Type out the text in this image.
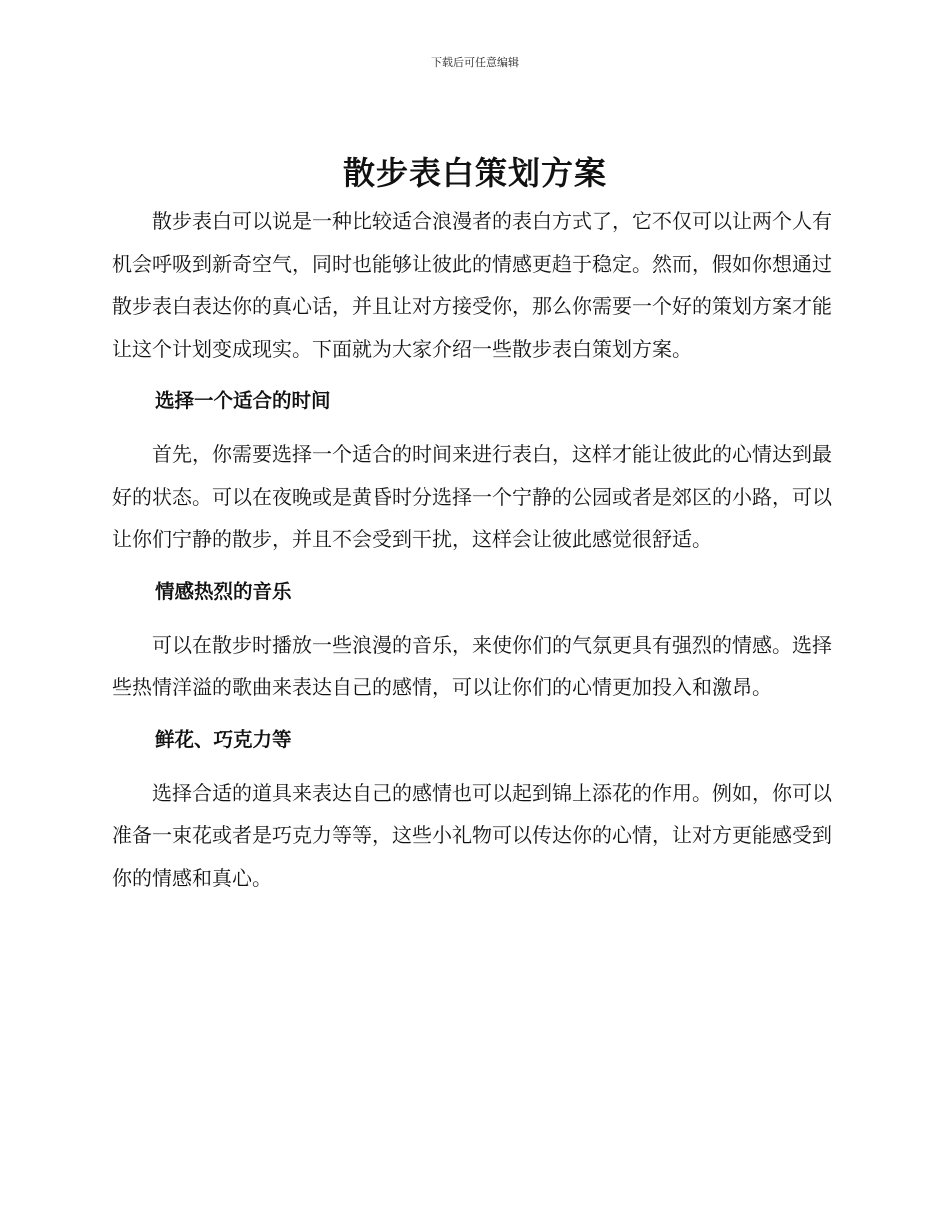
下载后可任意编辑
散步表白策划方案

散步表白可以说是一种比较适合浪漫者的表白方式了，它不仅可以让两个人有机会呼吸到新奇空气，同时也能够让彼此的情感更趋于稳定。然而，假如你想通过散步表白表达你的真心话，并且让对方接受你，那么你需要一个好的策划方案才能让这个计划变成现实。下面就为大家介绍一些散步表白策划方案。

选择一个适合的时间

首先，你需要选择一个适合的时间来进行表白，这样才能让彼此的心情达到最好的状态。可以在夜晚或是黄昏时分选择一个宁静的公园或者是郊区的小路，可以让你们宁静的散步，并且不会受到干扰，这样会让彼此感觉很舒适。

情感热烈的音乐

可以在散步时播放一些浪漫的音乐，来使你们的气氛更具有强烈的情感。选择些热情洋溢的歌曲来表达自己的感情，可以让你们的心情更加投入和激昂。

鲜花、巧克力等

选择合适的道具来表达自己的感情也可以起到锦上添花的作用。例如，你可以准备一束花或者是巧克力等等，这些小礼物可以传达你的心情，让对方更能感受到你的情感和真心。
